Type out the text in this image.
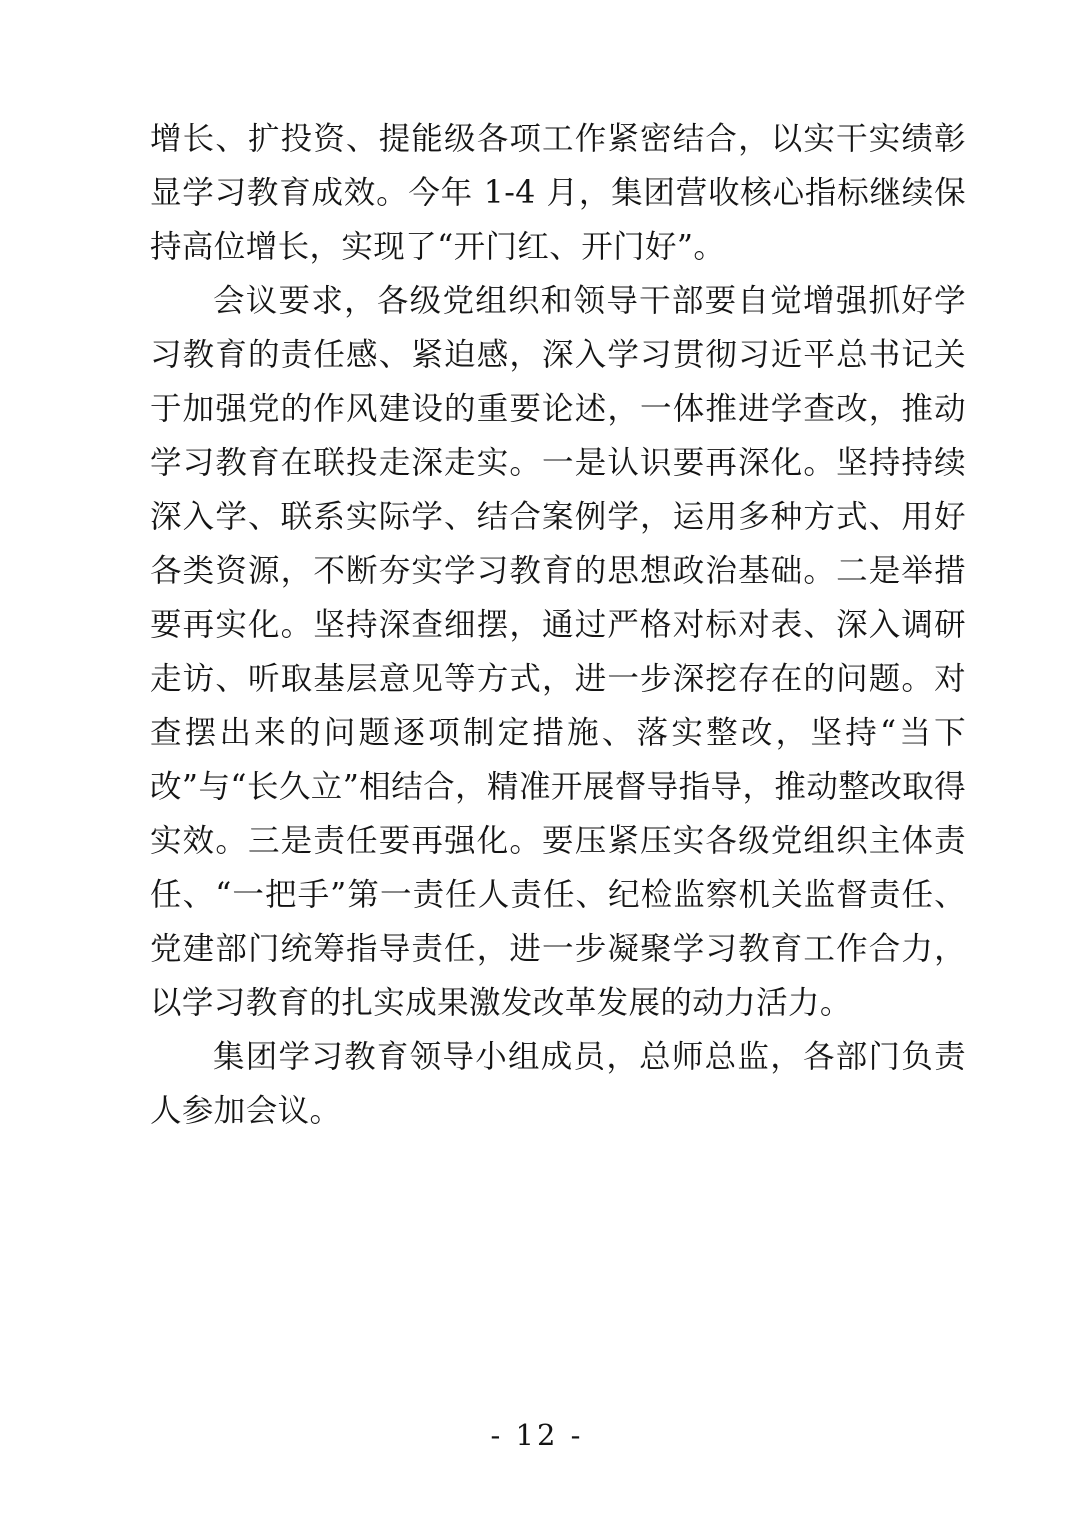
增长、扩投资、提能级各项工作紧密结合，以实干实绩彰显学习教育成效。今年 1-4 月，集团营收核心指标继续保持高位增长，实现了“开门红、开门好”。

会议要求，各级党组织和领导干部要自觉增强抓好学习教育的责任感、紧迫感，深入学习贯彻习近平总书记关于加强党的作风建设的重要论述，一体推进学查改，推动学习教育在联投走深走实。一是认识要再深化。坚持持续深入学、联系实际学、结合案例学，运用多种方式、用好各类资源，不断夯实学习教育的思想政治基础。二是举措要再实化。坚持深查细摆，通过严格对标对表、深入调研走访、听取基层意见等方式，进一步深挖存在的问题。对查摆出来的问题逐项制定措施、落实整改，坚持“当下改”与“长久立”相结合，精准开展督导指导，推动整改取得实效。三是责任要再强化。要压紧压实各级党组织主体责任、“一把手”第一责任人责任、纪检监察机关监督责任、党建部门统筹指导责任，进一步凝聚学习教育工作合力，以学习教育的扎实成果激发改革发展的动力活力。

集团学习教育领导小组成员，总师总监，各部门负责人参加会议。

- 12 -
